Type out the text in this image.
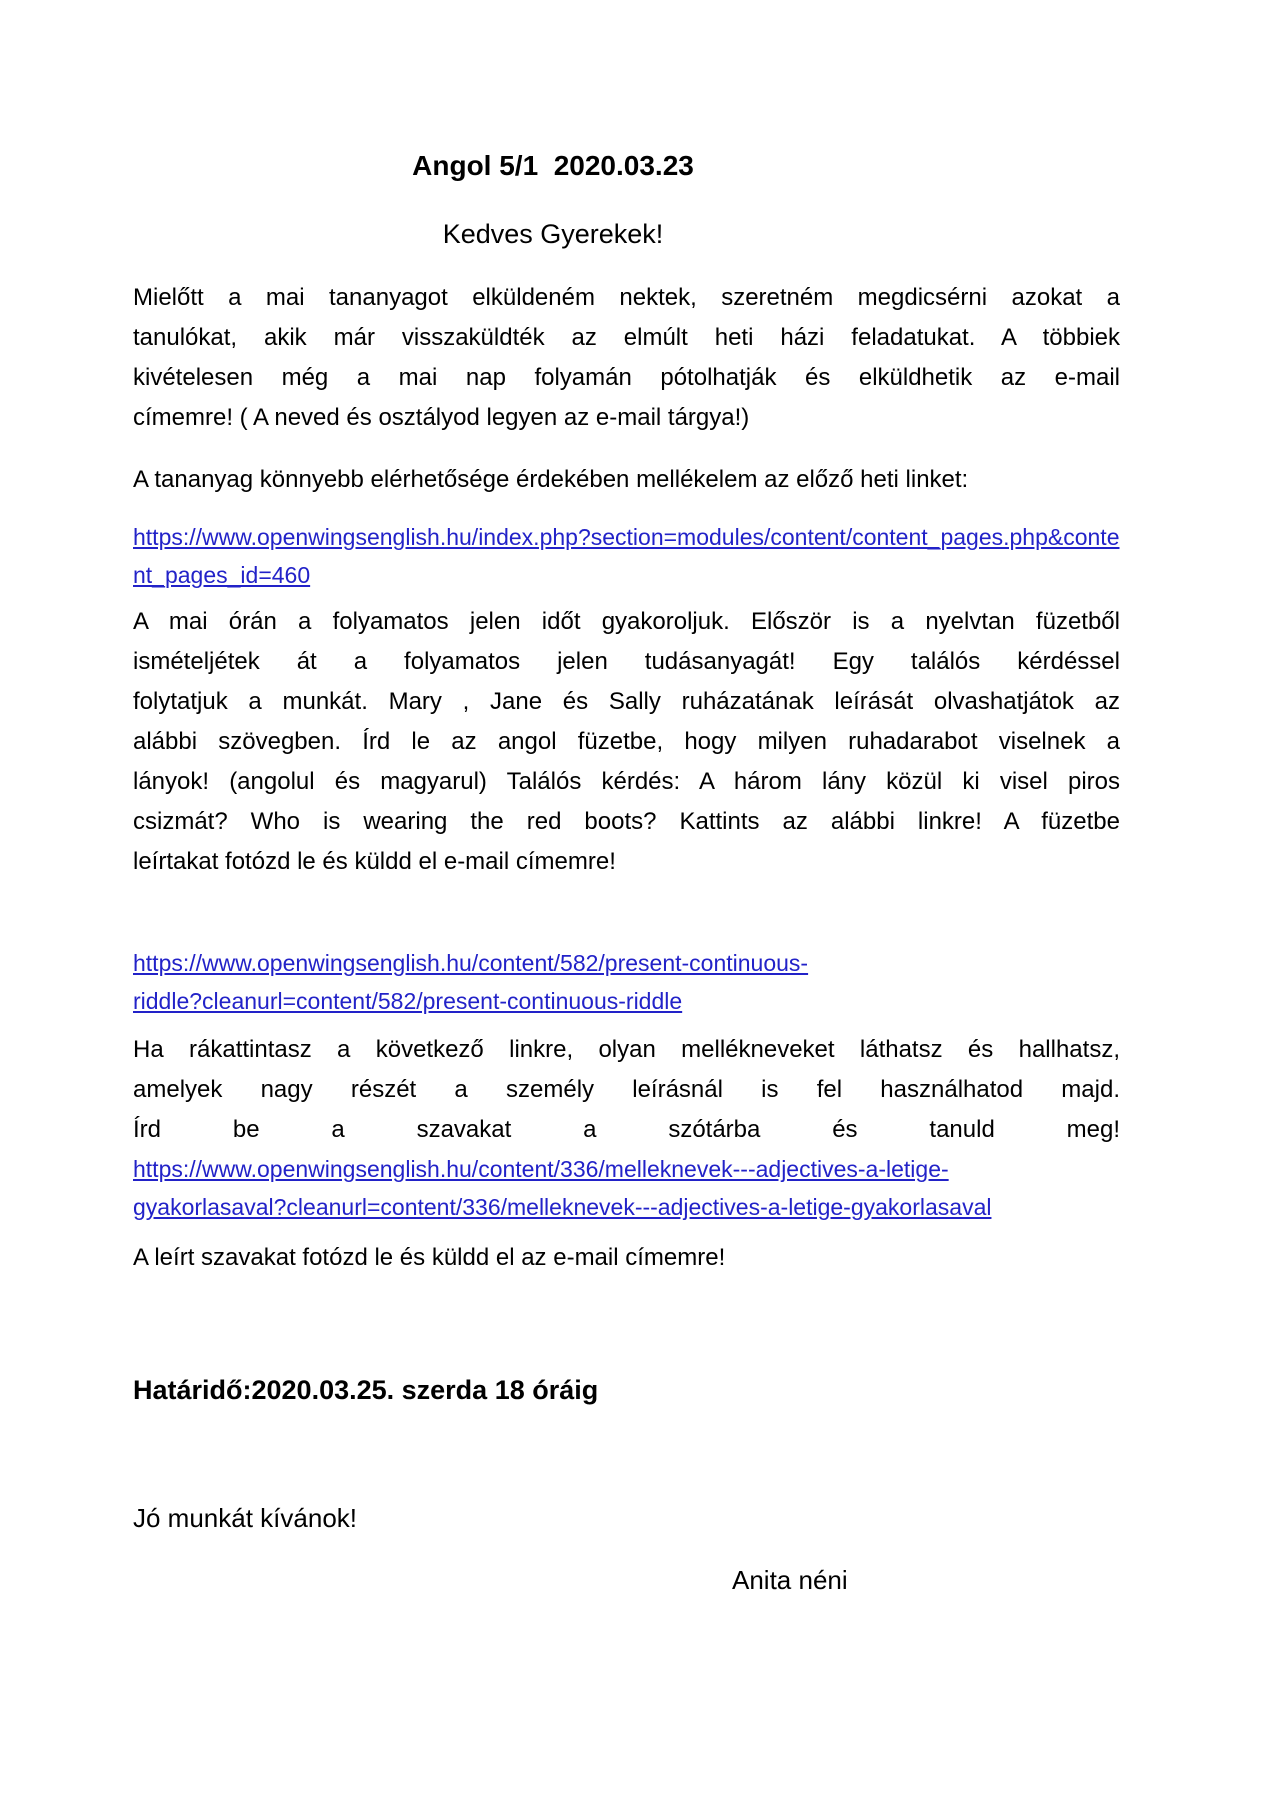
Angol 5/1  2020.03.23
Kedves Gyerekek!
Mielőtt a mai tananyagot elküldeném nektek, szeretném megdicsérni azokat a
tanulókat, akik már visszaküldték az elmúlt heti házi feladatukat. A többiek
kivételesen még a mai nap folyamán pótolhatják és elküldhetik az e-mail
címemre! ( A neved és osztályod legyen az e-mail tárgya!)
A tananyag könnyebb elérhetősége érdekében mellékelem az előző heti linket:
https://www.openwingsenglish.hu/index.php?section=modules/content/content_pages.php&conte
nt_pages_id=460
A mai órán a folyamatos jelen időt gyakoroljuk. Először is a nyelvtan füzetből
ismételjétek át a folyamatos jelen tudásanyagát! Egy találós kérdéssel
folytatjuk a munkát. Mary , Jane és Sally ruházatának leírását olvashatjátok az
alábbi szövegben. Írd le az angol füzetbe, hogy milyen ruhadarabot viselnek a
lányok! (angolul és magyarul) Találós kérdés: A három lány közül ki visel piros
csizmát? Who is wearing the red boots? Kattints az alábbi linkre! A füzetbe
leírtakat fotózd le és küldd el e-mail címemre!
https://www.openwingsenglish.hu/content/582/present-continuous-
riddle?cleanurl=content/582/present-continuous-riddle
Ha rákattintasz a következő linkre, olyan mellékneveket láthatsz és hallhatsz,
amelyek nagy részét a személy leírásnál is fel használhatod majd.
Írd be a szavakat a szótárba és tanuld meg!
https://www.openwingsenglish.hu/content/336/melleknevek---adjectives-a-letige-
gyakorlasaval?cleanurl=content/336/melleknevek---adjectives-a-letige-gyakorlasaval
A leírt szavakat fotózd le és küldd el az e-mail címemre!
Határidő:2020.03.25. szerda 18 óráig
Jó munkát kívánok!
Anita néni
